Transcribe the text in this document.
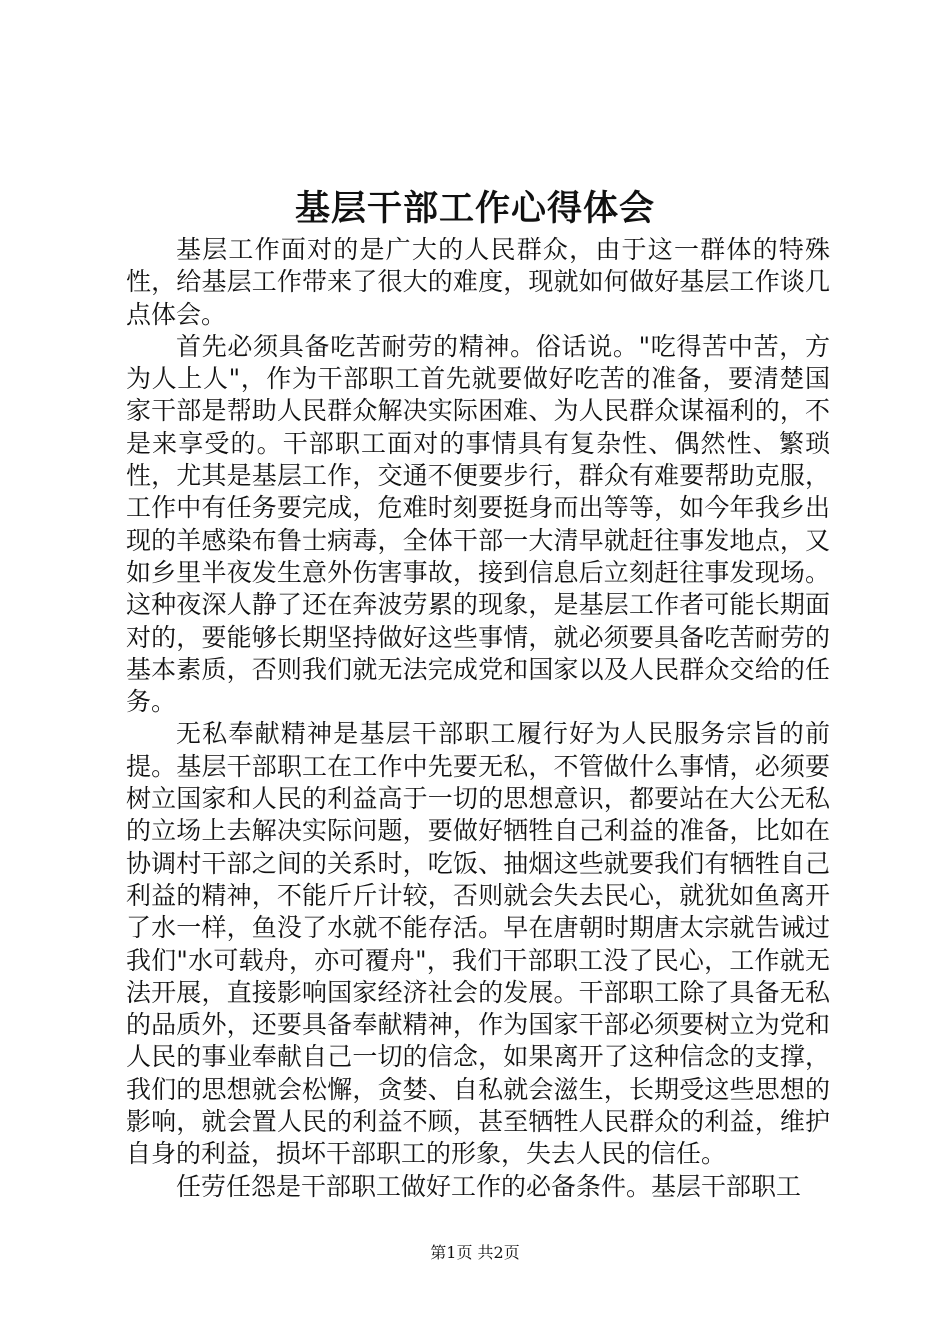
基层干部工作心得体会

基层工作面对的是广大的人民群众，由于这一群体的特殊性，给基层工作带来了很大的难度，现就如何做好基层工作谈几点体会。

首先必须具备吃苦耐劳的精神。俗话说。"吃得苦中苦，方为人上人"，作为干部职工首先就要做好吃苦的准备，要清楚国家干部是帮助人民群众解决实际困难、为人民群众谋福利的，不是来享受的。干部职工面对的事情具有复杂性、偶然性、繁琐性，尤其是基层工作，交通不便要步行，群众有难要帮助克服，工作中有任务要完成，危难时刻要挺身而出等等，如今年我乡出现的羊感染布鲁士病毒，全体干部一大清早就赶往事发地点，又如乡里半夜发生意外伤害事故，接到信息后立刻赶往事发现场。这种夜深人静了还在奔波劳累的现象，是基层工作者可能长期面对的，要能够长期坚持做好这些事情，就必须要具备吃苦耐劳的基本素质，否则我们就无法完成党和国家以及人民群众交给的任务。

无私奉献精神是基层干部职工履行好为人民服务宗旨的前提。基层干部职工在工作中先要无私，不管做什么事情，必须要树立国家和人民的利益高于一切的思想意识，都要站在大公无私的立场上去解决实际问题，要做好牺牲自己利益的准备，比如在协调村干部之间的关系时，吃饭、抽烟这些就要我们有牺牲自己利益的精神，不能斤斤计较，否则就会失去民心，就犹如鱼离开了水一样，鱼没了水就不能存活。早在唐朝时期唐太宗就告诫过我们"水可载舟，亦可覆舟"，我们干部职工没了民心，工作就无法开展，直接影响国家经济社会的发展。干部职工除了具备无私的品质外，还要具备奉献精神，作为国家干部必须要树立为党和人民的事业奉献自己一切的信念，如果离开了这种信念的支撑，我们的思想就会松懈，贪婪、自私就会滋生，长期受这些思想的影响，就会置人民的利益不顾，甚至牺牲人民群众的利益，维护自身的利益，损坏干部职工的形象，失去人民的信任。

任劳任怨是干部职工做好工作的必备条件。基层干部职工

第1页 共2页
